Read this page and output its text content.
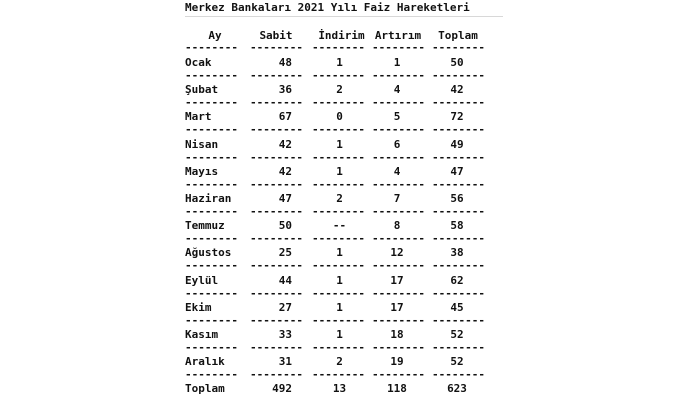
Merkez Bankaları 2021 Yılı Faiz Hareketleri
Ay	Sabit	İndirim Artırım	Toplam
--------	-------- -------- -------- --------
Ocak	48	1	1	50
--------	-------- -------- -------- --------
Şubat	36	2	4	42
--------	-------- -------- -------- --------
Mart	67	0	5	72
--------	-------- -------- -------- --------
Nisan	42	1	6	49
--------	-------- -------- -------- --------
Mayıs	42	1	4	47
--------	-------- -------- -------- --------
Haziran	47	2	7	56
--------	-------- -------- -------- --------
Temmuz	50	--	8	58
--------	-------- -------- -------- --------
Ağustos	25	1	12	38
--------	-------- -------- -------- --------
Eylül	44	1	17	62
--------	-------- -------- -------- --------
Ekim	27	1	17	45
--------	-------- -------- -------- --------
Kasım	33	1	18	52
--------	-------- -------- -------- --------
Aralık	31	2	19	52
--------	-------- -------- -------- --------
Toplam	492	13	118	623
